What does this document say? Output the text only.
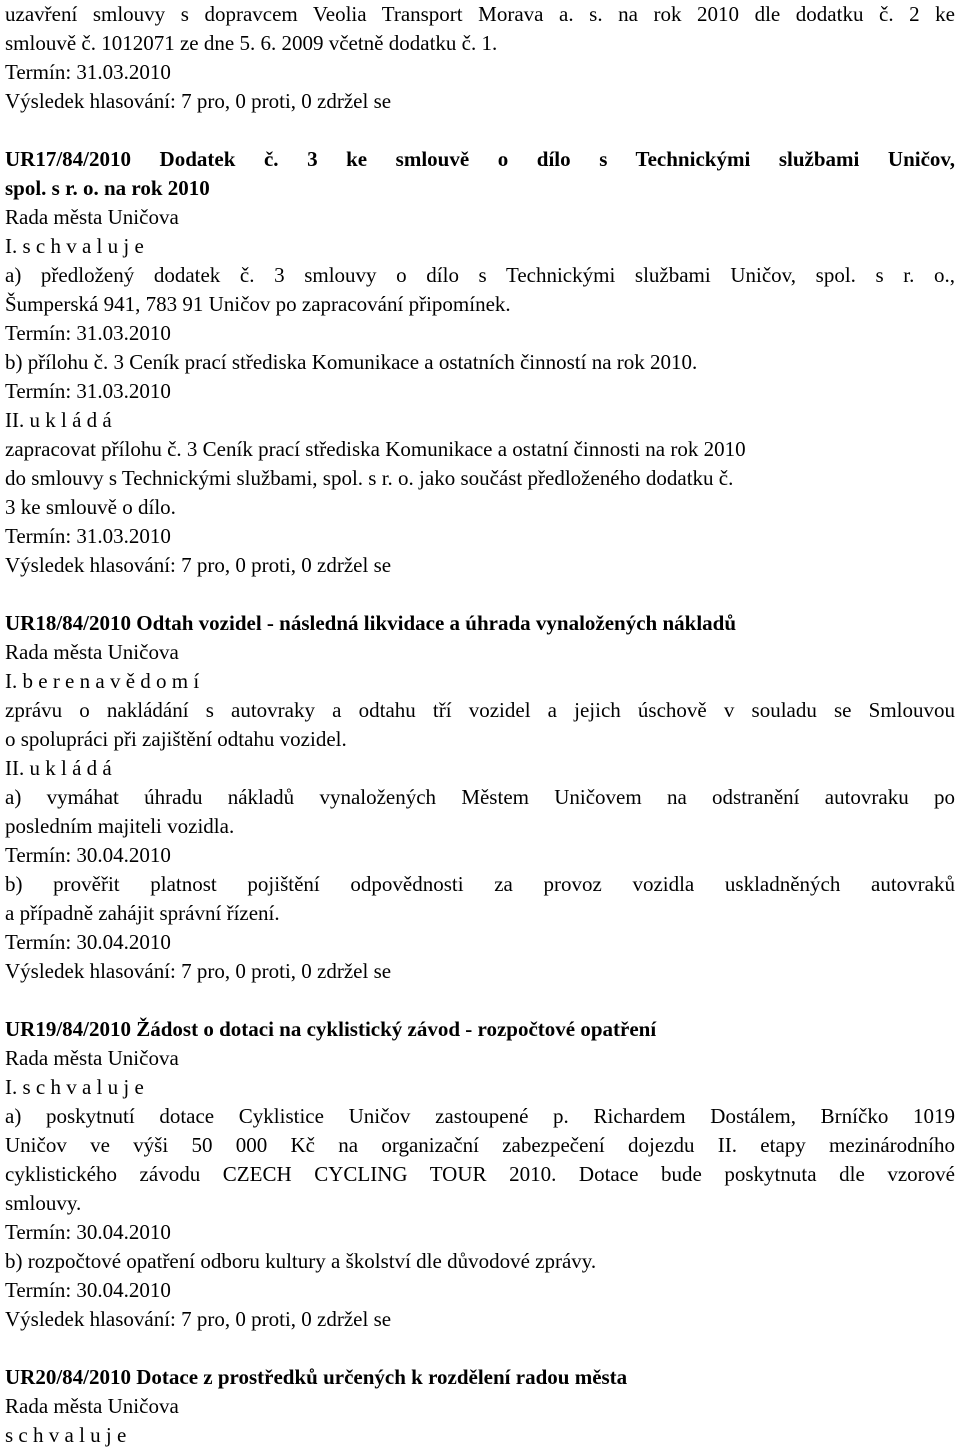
uzavření smlouvy s dopravcem Veolia Transport Morava a. s. na rok 2010 dle dodatku č. 2 ke
smlouvě č. 1012071 ze dne 5. 6. 2009 včetně dodatku č. 1.
Termín: 31.03.2010
Výsledek hlasování: 7 pro, 0 proti, 0 zdržel se
UR17/84/2010 Dodatek č. 3 ke smlouvě o dílo s Technickými službami Uničov,
spol. s r. o. na rok 2010
Rada města Uničova
I. s c h v a l u j e
a) předložený dodatek č. 3 smlouvy o dílo s Technickými službami Uničov, spol. s r. o.,
Šumperská 941, 783 91 Uničov po zapracování připomínek.
Termín: 31.03.2010
b) přílohu č. 3 Ceník prací střediska Komunikace a ostatních činností na rok 2010.
Termín: 31.03.2010
II. u k l á d á
zapracovat přílohu č. 3 Ceník prací střediska Komunikace a ostatní činnosti na rok 2010
do smlouvy s Technickými službami, spol. s r. o. jako součást předloženého dodatku č.
3 ke smlouvě o dílo.
Termín: 31.03.2010
Výsledek hlasování: 7 pro, 0 proti, 0 zdržel se
UR18/84/2010 Odtah vozidel - následná likvidace a úhrada vynaložených nákladů
Rada města Uničova
I. b e r e n a v ě d o m í
zprávu o nakládání s autovraky a odtahu tří vozidel a jejich úschově v souladu se Smlouvou
o spolupráci při zajištění odtahu vozidel.
II. u k l á d á
a) vymáhat úhradu nákladů vynaložených Městem Uničovem na odstranění autovraku po
posledním majiteli vozidla.
Termín: 30.04.2010
b) prověřit platnost pojištění odpovědnosti za provoz vozidla uskladněných autovraků
a případně zahájit správní řízení.
Termín: 30.04.2010
Výsledek hlasování: 7 pro, 0 proti, 0 zdržel se
UR19/84/2010 Žádost o dotaci na cyklistický závod - rozpočtové opatření
Rada města Uničova
I. s c h v a l u j e
a) poskytnutí dotace Cyklistice Uničov zastoupené p. Richardem Dostálem, Brníčko 1019
Uničov ve výši 50 000 Kč na organizační zabezpečení dojezdu II. etapy mezinárodního
cyklistického závodu CZECH CYCLING TOUR 2010. Dotace bude poskytnuta dle vzorové
smlouvy.
Termín: 30.04.2010
b) rozpočtové opatření odboru kultury a školství dle důvodové zprávy.
Termín: 30.04.2010
Výsledek hlasování: 7 pro, 0 proti, 0 zdržel se
UR20/84/2010 Dotace z prostředků určených k rozdělení radou města
Rada města Uničova
s c h v a l u j e
